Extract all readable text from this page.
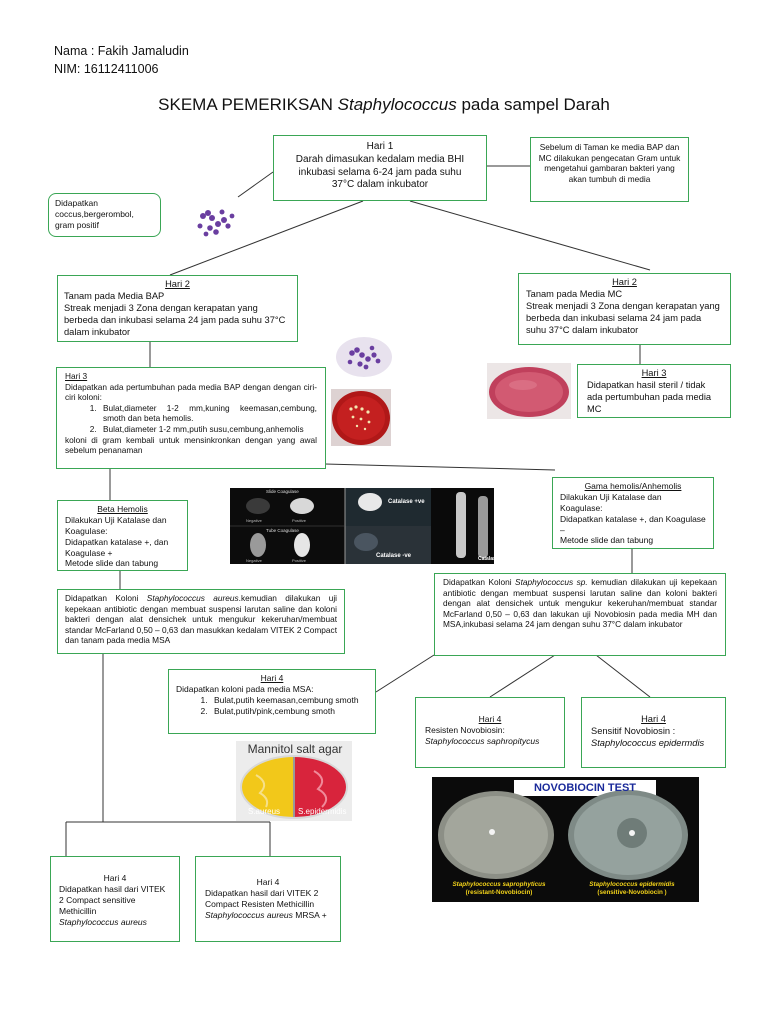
Nama : Fakih Jamaludin
NIM: 16112411006
SKEMA PEMERIKSAN Staphylococcus pada sampel Darah
Hari 1
Darah dimasukan kedalam media BHI
inkubasi selama 6-24 jam pada suhu
37°C dalam inkubator
Sebelum di Taman ke media BAP dan MC dilakukan pengecatan Gram untuk mengetahui gambaran bakteri yang akan tumbuh di media
Didapatkan coccus,bergerombol, gram positif
Hari 2
Tanam pada Media BAP
Streak menjadi 3 Zona dengan kerapatan yang berbeda dan inkubasi selama 24 jam pada suhu 37°C dalam inkubator
Hari 2
Tanam pada Media MC
Streak menjadi 3 Zona dengan kerapatan yang berbeda dan inkubasi selama 24 jam pada suhu 37°C dalam inkubator
Hari 3
Didapatkan hasil steril / tidak ada pertumbuhan pada media MC
Hari 3
Didapatkan ada pertumbuhan pada media BAP dengan dengan ciri-ciri koloni:
1. Bulat,diameter 1-2 mm,kuning keemasan,cembung, smoth dan beta hemolis.
2. Bulat,diameter 1-2 mm,putih susu,cembung,anhemolis
koloni di gram kembali untuk mensinkronkan dengan yang awal sebelum penanaman
Beta Hemolis
Dilakukan Uji Katalase dan Koagulase:
Didapatkan katalase +, dan Koagulase +
Metode slide dan tabung
Slide Coagulase
Tube Coagulase
Negative	Positive
Negative	Positive
Catalase +ve
Catalase -ve	Catalase -ve
Gama hemolis/Anhemolis
Dilakukan Uji Katalase dan Koagulase:
Didapatkan katalase +, dan Koagulase –
Metode slide dan tabung
Didapatkan Koloni Staphylococcus aureus.kemudian dilakukan uji kepekaan antibiotic dengan membuat suspensi larutan saline dan koloni bakteri dengan alat densichek untuk mengukur kekeruhan/membuat standar McFarland 0,50 – 0,63 dan masukkan kedalam VITEK 2 Compact dan tanam pada media MSA
Didapatkan Koloni Staphylococcus sp. kemudian dilakukan uji kepekaan antibiotic dengan membuat suspensi larutan saline dan koloni bakteri dengan alat densichek untuk mengukur kekeruhan/membuat standar McFarland 0,50 – 0,63 dan lakukan uji Novobiosin pada media MH dan MSA,inkubasi selama 24 jam dengan suhu 37°C dalam inkubator
Hari 4
Didapatkan koloni pada media MSA:
1. Bulat,putih keemasan,cembung smoth
2. Bulat,putih/pink,cembung smoth
Mannitol salt agar
S.aureus S.epidermidis
Hari 4
Resisten Novobiosin:
Staphylococcus saphropitycus
Hari 4
Sensitif Novobiosin :
Staphylococcus epidermdis
NOVOBIOCIN TEST
Staphylococcus saprophyticus
(resistant-Novobiocin)
Staphylococcus epidermidis
(sensitive-Novobiocin )
Hari 4
Didapatkan hasil dari VITEK 2 Compact sensitive Methicillin
Staphylococcus aureus
Hari 4
Didapatkan hasil dari VITEK 2 Compact Resisten Methicillin
Staphylococcus aureus MRSA +
